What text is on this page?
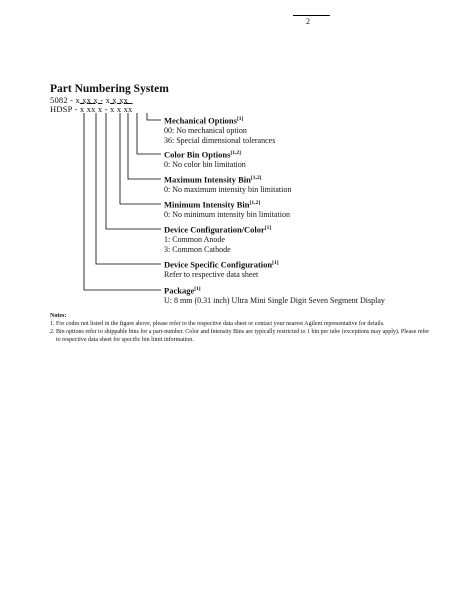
2
Part Numbering System
5082 - x xx x - x x xx
HDSP - $\overline{x}$ $\overline{xx}$ $\overline{x} - \overline{x}$ $\overline{x}$ $\overline{xx}$
Mechanical Options[1]
00: No mechanical option
36: Special dimensional tolerances
Color Bin Options[1,2]
0: No color bin limitation
Maximum Intensity Bin[1,2]
0: No maximum intensity bin limitation
Minimum Intensity Bin[1,2]
0: No minimum intensity bin limitation
Device Configuration/Color[1]
1: Common Anode
3: Common Cathode
Device Specific Configuration[1]
Refer to respective data sheet
Package[1]
U: 8 mm (0.31 inch) Ultra Mini Single Digit Seven Segment Display
Notes:
1. For codes not listed in the figure above, please refer to the respective data sheet or contact your nearest Agilent representative for details.
2. Bin options refer to shippable bins for a part-number. Color and Intensity Bins are typically restricted to 1 bin per tube (exceptions may apply). Please refer to respective data sheet for specific bin limit information.
